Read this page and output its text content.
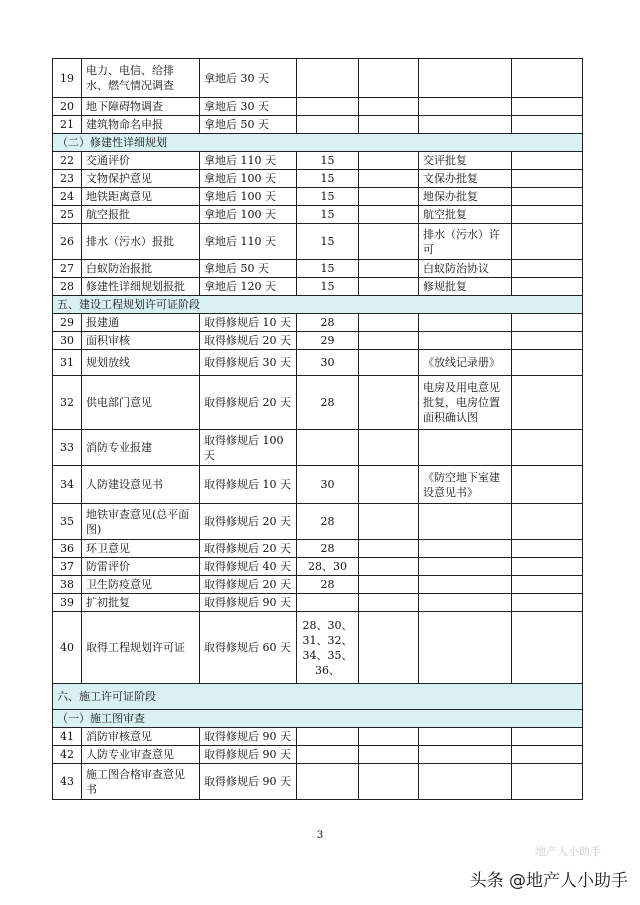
19	电力、电信、给排水、燃气情况调查	拿地后 30 天				
20	地下障碍物调查	拿地后 30 天				
21	建筑物命名申报	拿地后 50 天				
（二）修建性详细规划						
22	交通评价	拿地后 110 天	15		交评批复	
23	文物保护意见	拿地后 100 天	15		文保办批复	
24	地铁距离意见	拿地后 100 天	15		地保办批复	
25	航空报批	拿地后 100 天	15		航空批复	
26	排水（污水）报批	拿地后 110 天	15		排水（污水）许可	
27	白蚁防治报批	拿地后 50 天	15		白蚁防治协议	
28	修建性详细规划报批	拿地后 120 天	15		修规批复	
五、建设工程规划许可证阶段						
29	报建通	取得修规后 10 天	28			
30	面积审核	取得修规后 20 天	29			
31	规划放线	取得修规后 30 天	30		《放线记录册》	
32	供电部门意见	取得修规后 20 天	28		电房及用电意见批复，电房位置面积确认图	
33	消防专业报建	取得修规后 100 天				
34	人防建设意见书	取得修规后 10 天	30		《防空地下室建设意见书》	
35	地铁审查意见(总平面图)	取得修规后 20 天	28			
36	环卫意见	取得修规后 20 天	28			
37	防雷评价	取得修规后 40 天	28、30			
38	卫生防疫意见	取得修规后 20 天	28			
39	扩初批复	取得修规后 90 天				
40	取得工程规划许可证	取得修规后 60 天	28、30、31、32、34、35、36、			
六、施工许可证阶段						
（一）施工图审查						
41	消防审核意见	取得修规后 90 天				
42	人防专业审查意见	取得修规后 90 天				
43	施工图合格审查意见书	取得修规后 90 天				
3
地产人小助手
头条 @地产人小助手
